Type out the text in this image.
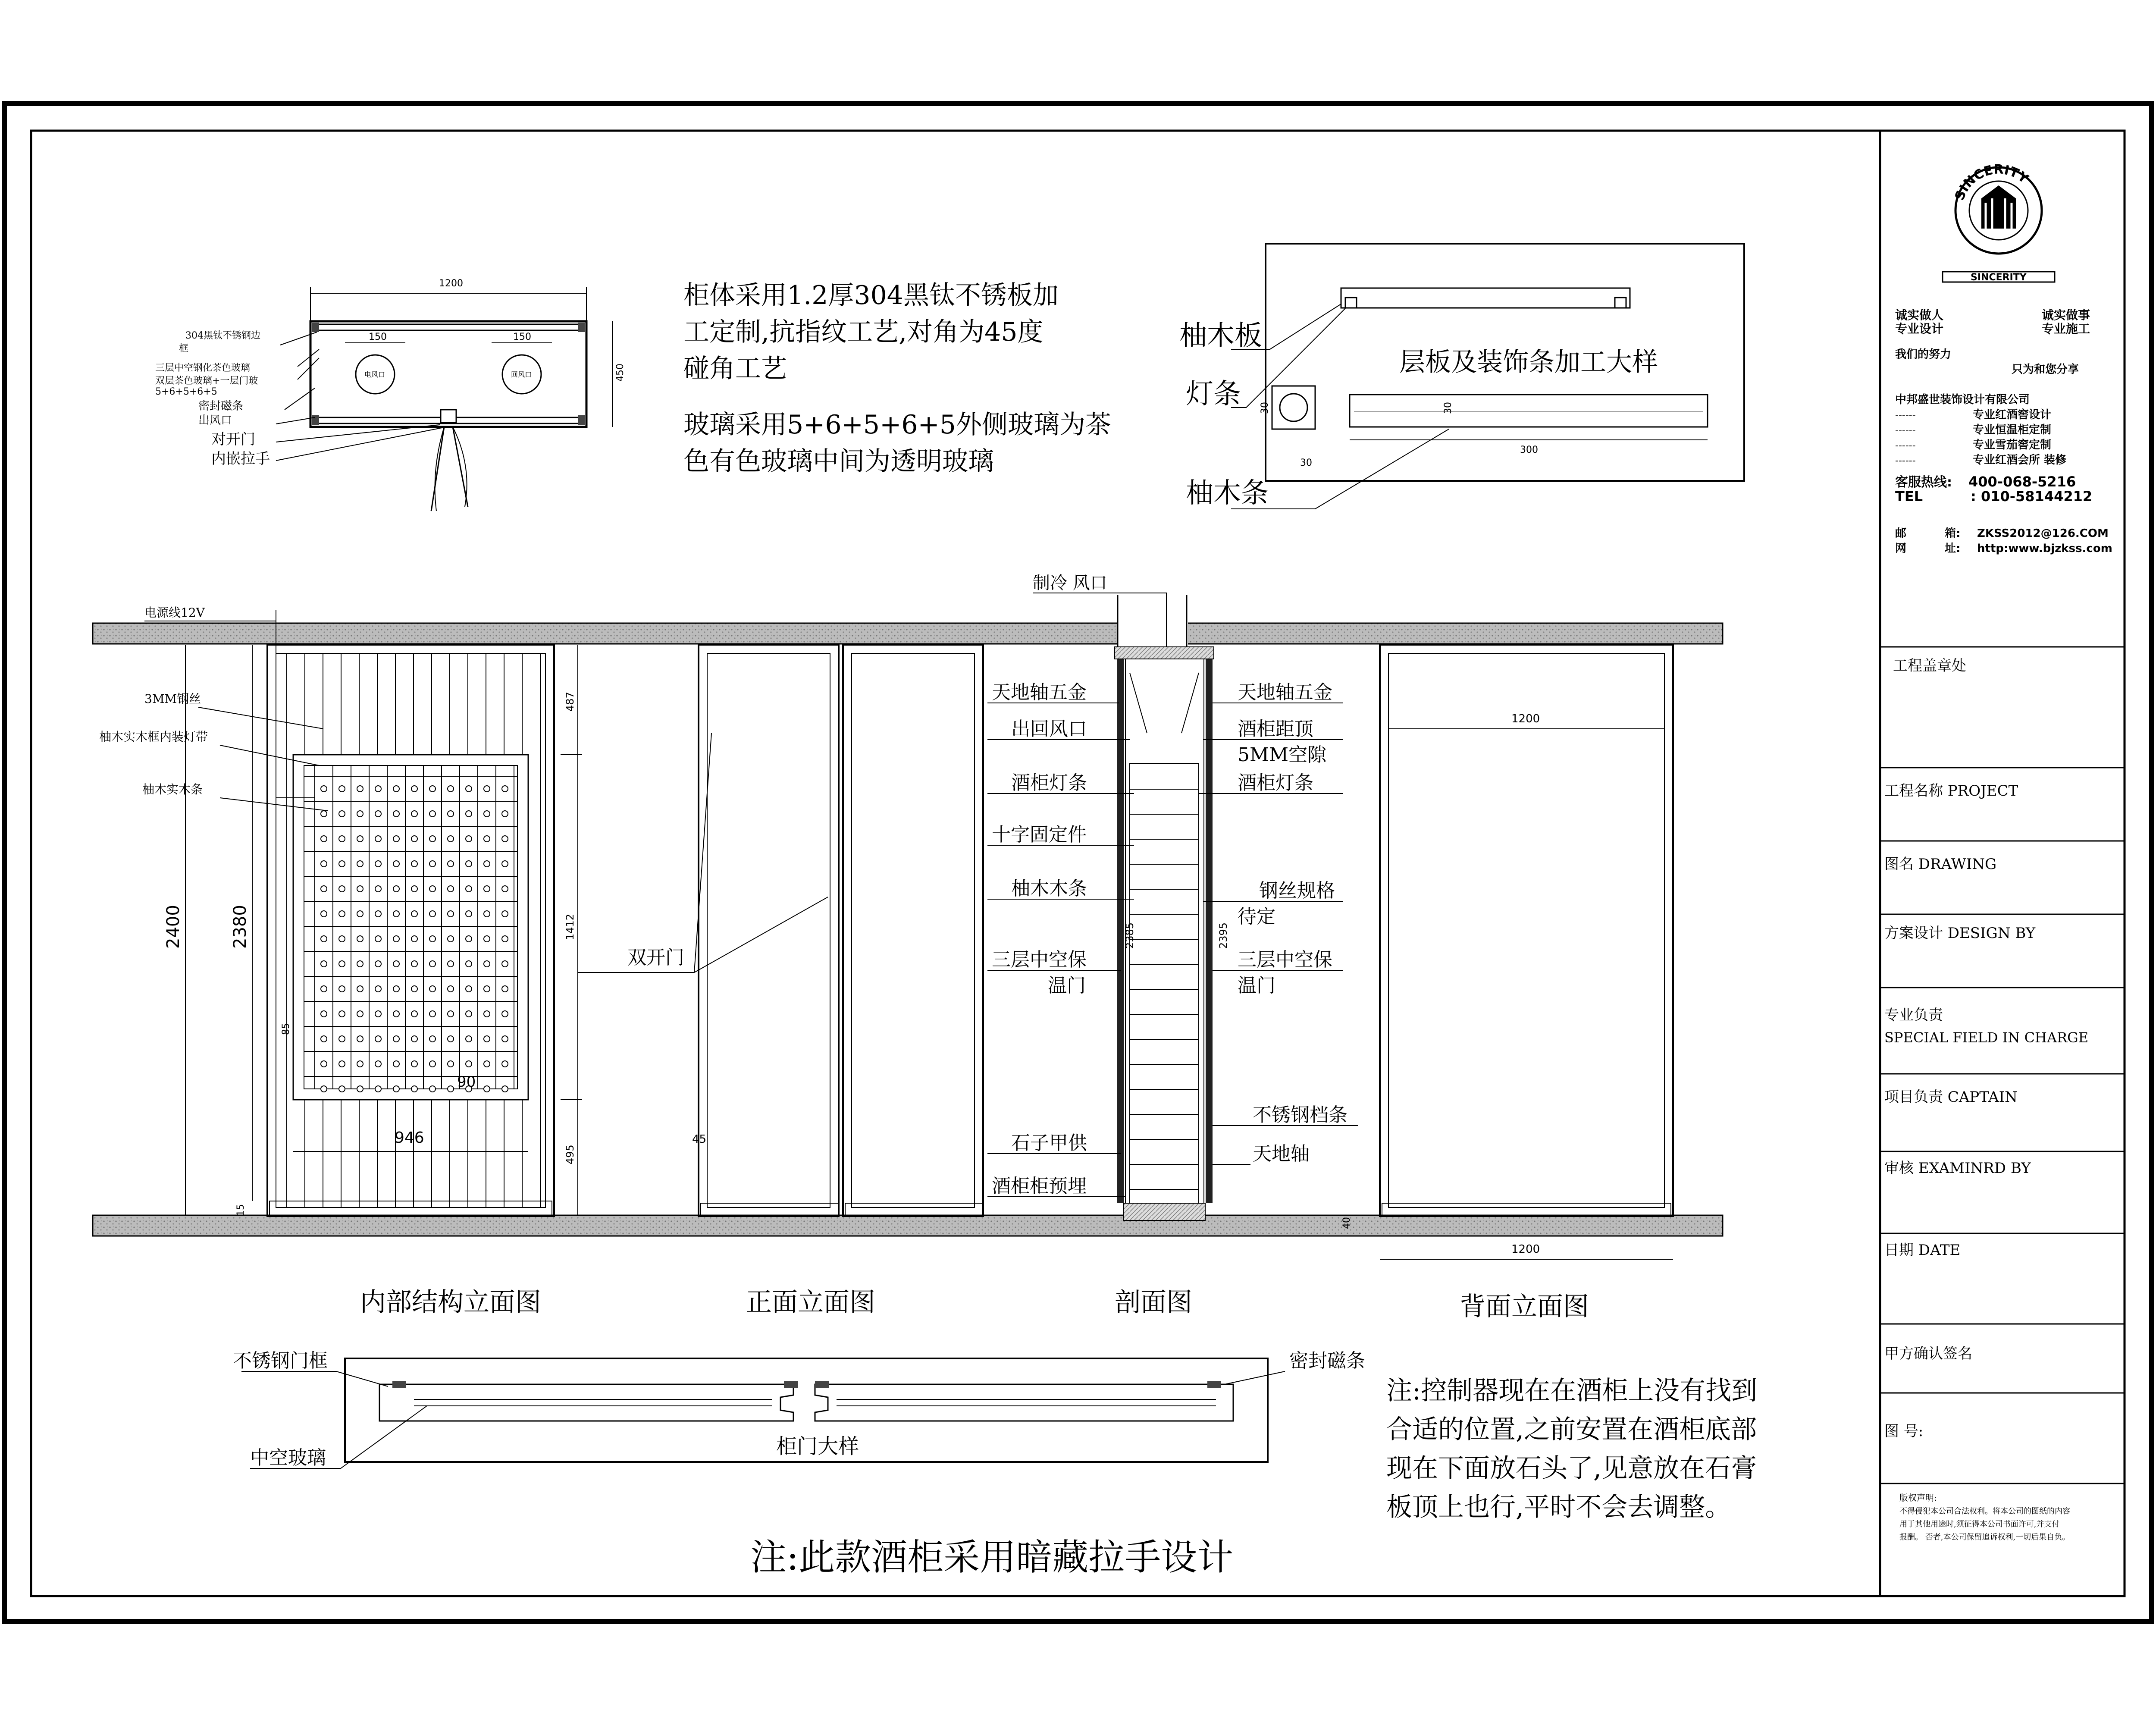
柜体采用1.2厚304黑钛不锈板加
工定制,抗指纹工艺,对角为45度
碰角工艺
玻璃采用5+6+5+6+5外侧玻璃为茶
色有色玻璃中间为透明玻璃
注:控制器现在在酒柜上没有找到
合适的位置,之前安置在酒柜底部
现在下面放石头了,见意放在石膏
板顶上也行,平时不会去调整。
注:此款酒柜采用暗藏拉手设计
电风口	回风口
1200
450
150	150
304黑钛不锈钢边
框
三层中空钢化茶色玻璃
双层茶色玻璃+一层门玻
5+6+5+6+5
密封磁条
出风口
对开门
内嵌拉手
300
30	30
30
层板及装饰条加工大样
柚木板
灯条
柚木条
2400	2380
487
1412
495
946
90
85
15
电源线12V
3MM钢丝
柚木实木框内装灯带
柚木实木条
内部结构立面图
双开门
45
正面立面图
制冷 风口
天地轴五金
出回风口
酒柜灯条
十字固定件
柚木木条
三层中空保
温门
石子甲供
酒柜柜预埋
2385
天地轴五金
酒柜距顶
5MM空隙
酒柜灯条
钢丝规格
待定
三层中空保
温门
不锈钢档条
天地轴
2395
剖面图
1200
1200
40
背面立面图
柜门大样
不锈钢门框	密封磁条
中空玻璃
SINCERITY
SINCERITY
诚实做人	诚实做事
专业设计	专业施工
我们的努力
只为和您分享
中邦盛世装饰设计有限公司
------	专业红酒窖设计
------	专业恒温柜定制
------	专业雪茄窖定制
------	专业红酒会所 装修
客服热线: 400-068-5216
TEL	: 010-58144212
邮	箱: ZKSS2012@126.COM
网	址: http:www.bjzkss.com
工程盖章处
工程名称 PROJECT
图名 DRAWING
方案设计 DESIGN BY
专业负责
SPECIAL FIELD IN CHARGE
项目负责 CAPTAIN
审核 EXAMINRD BY
日期 DATE
甲方确认签名
图 号:
版权声明:
不得侵犯本公司合法权利。将本公司的图纸的内容
用于其他用途时,须征得本公司书面许可,并支付
报酬。 否者,本公司保留追诉权利,一切后果自负。
